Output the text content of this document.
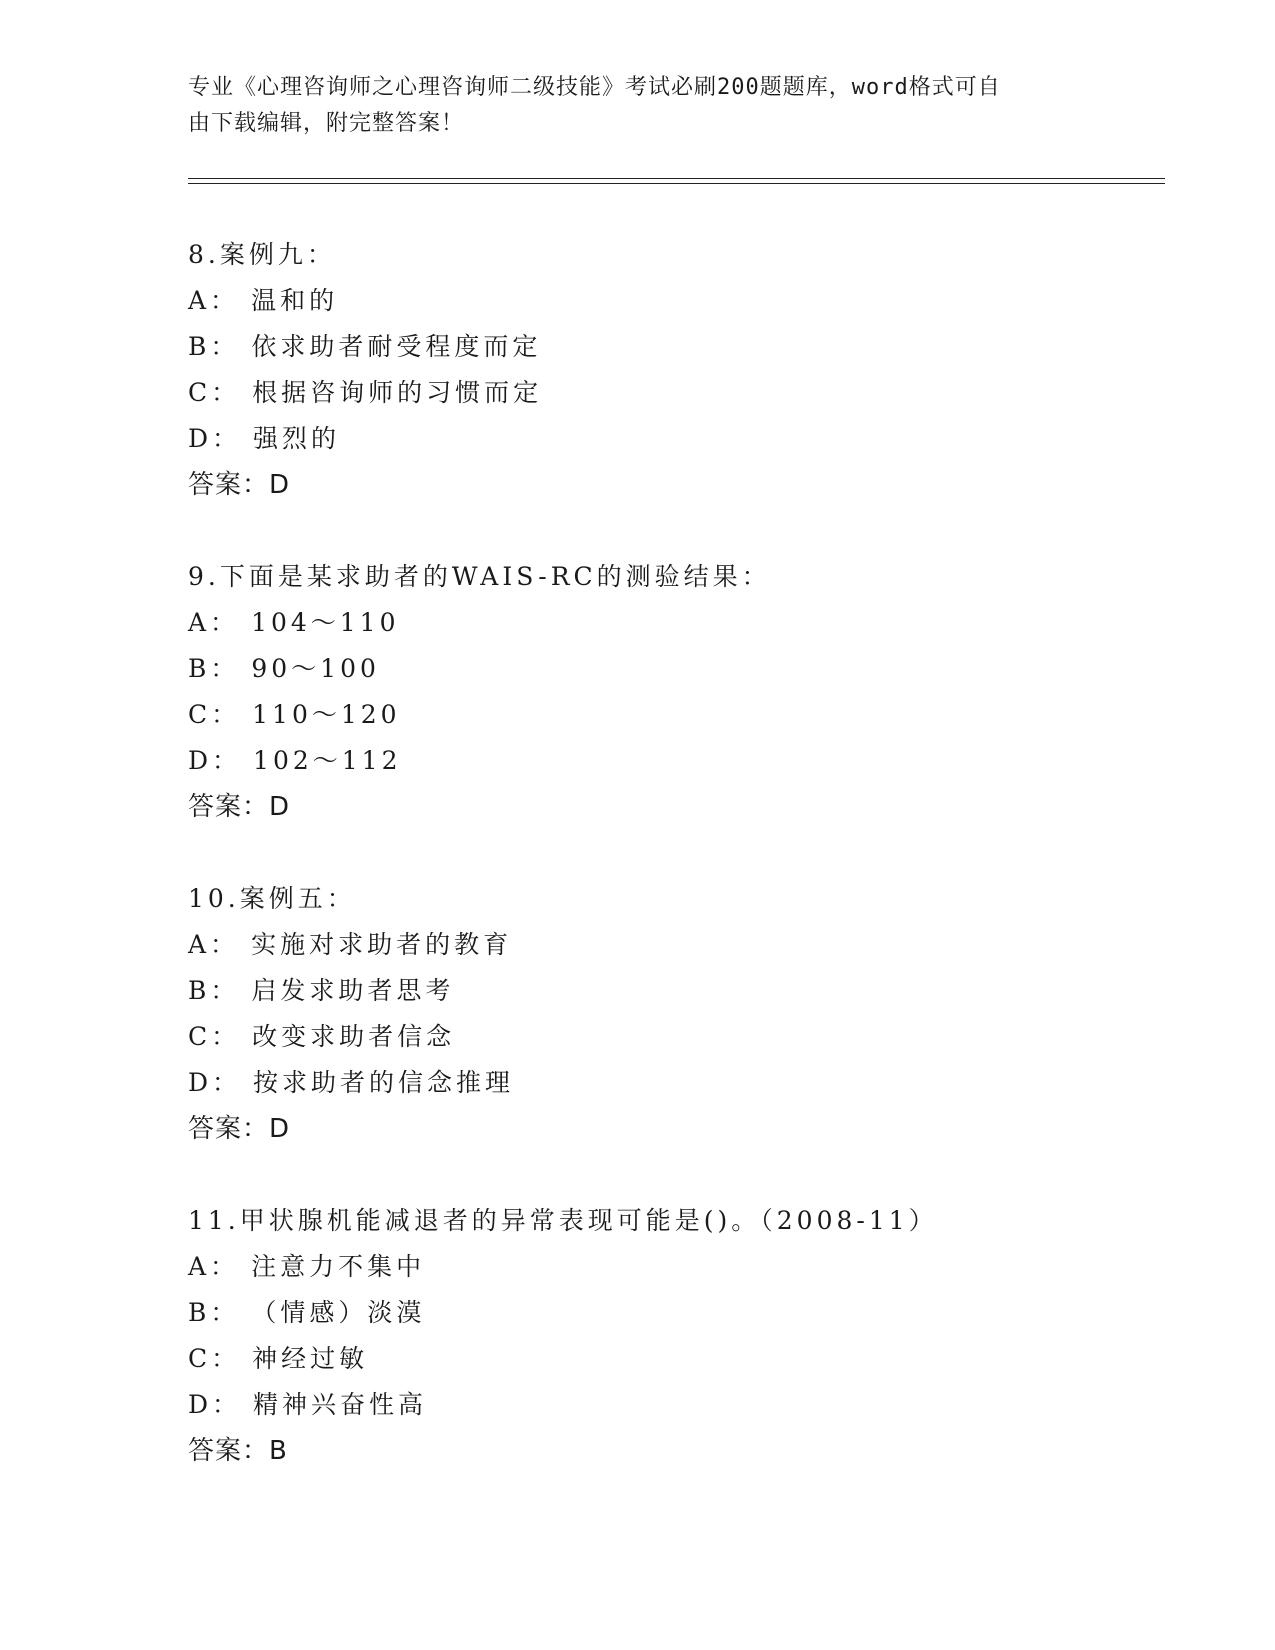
专业《心理咨询师之心理咨询师二级技能》考试必刷200题题库，word格式可自
由下载编辑，附完整答案！
8.案例九：
A： 温和的
B： 依求助者耐受程度而定
C： 根据咨询师的习惯而定
D： 强烈的
答案：D
9.下面是某求助者的WAIS-RC的测验结果：
A： 104～110
B： 90～100
C： 110～120
D： 102～112
答案：D
10.案例五：
A： 实施对求助者的教育
B： 启发求助者思考
C： 改变求助者信念
D： 按求助者的信念推理
答案：D
11.甲状腺机能减退者的异常表现可能是()。（2008-11）
A： 注意力不集中
B： （情感）淡漠
C： 神经过敏
D： 精神兴奋性高
答案：B
